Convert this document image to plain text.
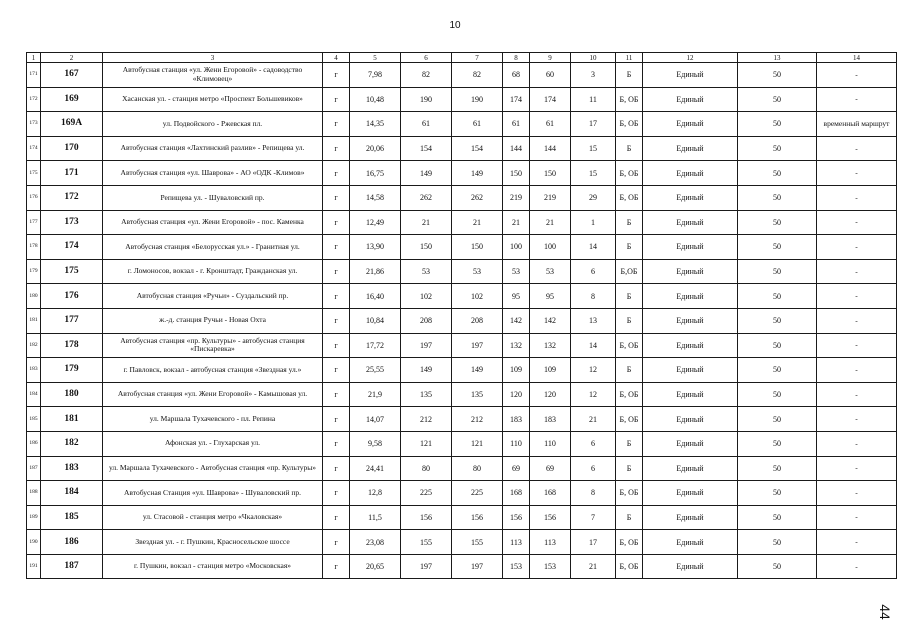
10
1	2	3	4	5	6	7	8	9	10	11	12	13	14
171	167	Автобусная станция «ул. Жени Егоровой» - садоводство «Климовец»	г	7,98	82	82	68	60	3	Б	Единый	50	-
172	169	Хасанская ул. - станция метро «Проспект Большевиков»	г	10,48	190	190	174	174	11	Б, ОБ	Единый	50	-
173	169А	ул. Подвойского - Ржевская пл.	г	14,35	61	61	61	61	17	Б, ОБ	Единый	50	временный маршрут
174	170	Автобусная станция «Лахтинский разлив» - Репищева ул.	г	20,06	154	154	144	144	15	Б	Единый	50	-
175	171	Автобусная станция «ул. Шаврова» - АО «ОДК -Климов»	г	16,75	149	149	150	150	15	Б, ОБ	Единый	50	-
176	172	Репищева ул. - Шуваловский пр.	г	14,58	262	262	219	219	29	Б, ОБ	Единый	50	-
177	173	Автобусная станция «ул. Жени Егоровой» - пос. Каменка	г	12,49	21	21	21	21	1	Б	Единый	50	-
178	174	Автобусная станция «Белорусская ул.» - Гранитная ул.	г	13,90	150	150	100	100	14	Б	Единый	50	-
179	175	г. Ломоносов, вокзал - г. Кронштадт, Гражданская ул.	г	21,86	53	53	53	53	6	Б,ОБ	Единый	50	-
180	176	Автобусная станция «Ручьи» - Суздальский пр.	г	16,40	102	102	95	95	8	Б	Единый	50	-
181	177	ж.-д. станция Ручьи - Новая Охта	г	10,84	208	208	142	142	13	Б	Единый	50	-
182	178	Автобусная станция «пр. Культуры» - автобусная станция «Пискаревка»	г	17,72	197	197	132	132	14	Б, ОБ	Единый	50	-
183	179	г. Павловск, вокзал - автобусная станция «Звездная ул.»	г	25,55	149	149	109	109	12	Б	Единый	50	-
184	180	Автобусная станция «ул. Жени Егоровой» - Камышовая ул.	г	21,9	135	135	120	120	12	Б, ОБ	Единый	50	-
185	181	ул. Маршала Тухачевского - пл. Репина	г	14,07	212	212	183	183	21	Б, ОБ	Единый	50	-
186	182	Афонская ул. - Глухарская ул.	г	9,58	121	121	110	110	6	Б	Единый	50	-
187	183	ул. Маршала Тухачевского - Автобусная станция «пр. Культуры»	г	24,41	80	80	69	69	6	Б	Единый	50	-
188	184	Автобусная Станция «ул. Шаврова» - Шуваловский пр.	г	12,8	225	225	168	168	8	Б, ОБ	Единый	50	-
189	185	ул. Стасовой - станция метро «Чкаловская»	г	11,5	156	156	156	156	7	Б	Единый	50	-
190	186	Звездная ул. - г. Пушкин, Красносельское шоссе	г	23,08	155	155	113	113	17	Б, ОБ	Единый	50	-
191	187	г. Пушкин, вокзал - станция метро «Московская»	г	20,65	197	197	153	153	21	Б, ОБ	Единый	50	-
44
